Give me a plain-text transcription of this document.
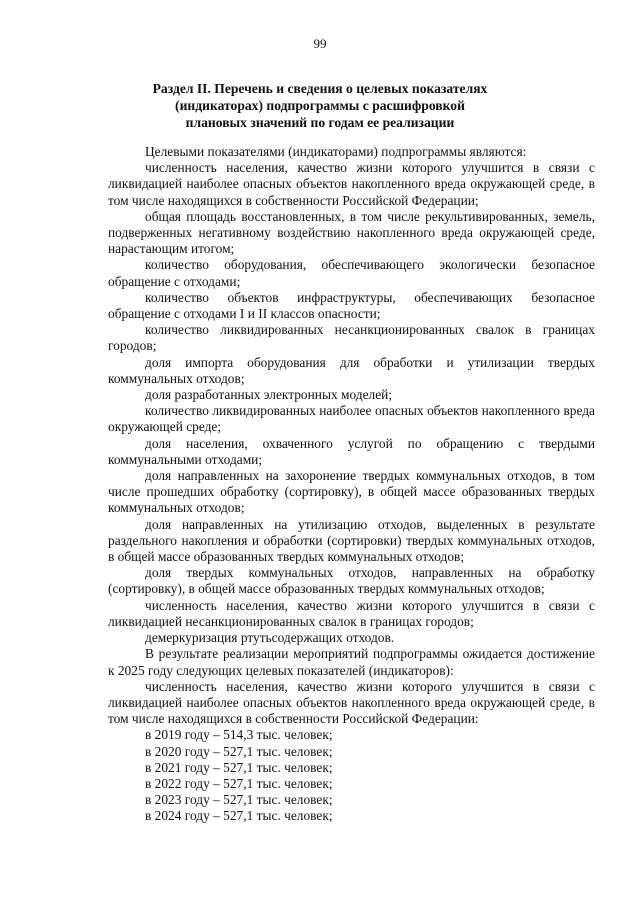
99
Раздел II. Перечень и сведения о целевых показателях
(индикаторах) подпрограммы с расшифровкой
плановых значений по годам ее реализации

Целевыми показателями (индикаторами) подпрограммы являются:

численность населения, качество жизни которого улучшится в связи с ликвидацией наиболее опасных объектов накопленного вреда окружающей среде, в том числе находящихся в собственности Российской Федерации;

общая площадь восстановленных, в том числе рекультивированных, земель, подверженных негативному воздействию накопленного вреда окружающей среде, нарастающим итогом;

количество оборудования, обеспечивающего экологически безопасное обращение с отходами;

количество объектов инфраструктуры, обеспечивающих безопасное обращение с отходами I и II классов опасности;

количество ликвидированных несанкционированных свалок в границах городов;

доля импорта оборудования для обработки и утилизации твердых коммунальных отходов;

доля разработанных электронных моделей;

количество ликвидированных наиболее опасных объектов накопленного вреда окружающей среде;

доля населения, охваченного услугой по обращению с твердыми коммунальными отходами;

доля направленных на захоронение твердых коммунальных отходов, в том числе прошедших обработку (сортировку), в общей массе образованных твердых коммунальных отходов;

доля направленных на утилизацию отходов, выделенных в результате раздельного накопления и обработки (сортировки) твердых коммунальных отходов, в общей массе образованных твердых коммунальных отходов;

доля твердых коммунальных отходов, направленных на обработку (сортировку), в общей массе образованных твердых коммунальных отходов;

численность населения, качество жизни которого улучшится в связи с ликвидацией несанкционированных свалок в границах городов;

демеркуризация ртутьсодержащих отходов.

В результате реализации мероприятий подпрограммы ожидается достижение к 2025 году следующих целевых показателей (индикаторов):

численность населения, качество жизни которого улучшится в связи с ликвидацией наиболее опасных объектов накопленного вреда окружающей среде, в том числе находящихся в собственности Российской Федерации:

в 2019 году – 514,3 тыс. человек;
в 2020 году – 527,1 тыс. человек;
в 2021 году – 527,1 тыс. человек;
в 2022 году – 527,1 тыс. человек;
в 2023 году – 527,1 тыс. человек;
в 2024 году – 527,1 тыс. человек;
